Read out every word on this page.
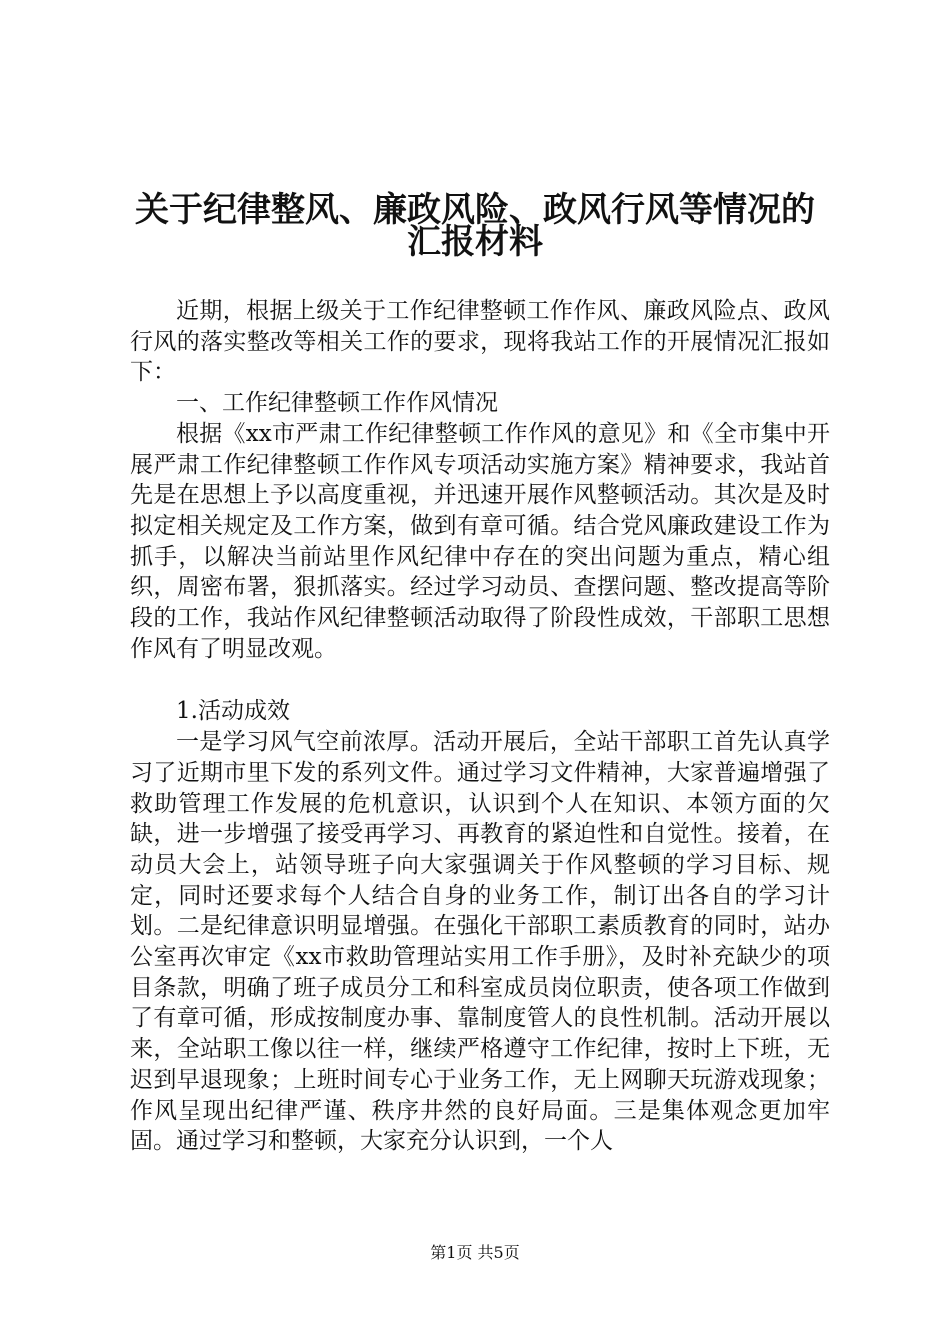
关于纪律整风、廉政风险、政风行风等情况的
汇报材料

近期，根据上级关于工作纪律整顿工作作风、廉政风险点、政风行风的落实整改等相关工作的要求，现将我站工作的开展情况汇报如下：

一、工作纪律整顿工作作风情况

根据《xx市严肃工作纪律整顿工作作风的意见》和《全市集中开展严肃工作纪律整顿工作作风专项活动实施方案》精神要求，我站首先是在思想上予以高度重视，并迅速开展作风整顿活动。其次是及时拟定相关规定及工作方案，做到有章可循。结合党风廉政建设工作为抓手，以解决当前站里作风纪律中存在的突出问题为重点，精心组织，周密布署，狠抓落实。经过学习动员、查摆问题、整改提高等阶段的工作，我站作风纪律整顿活动取得了阶段性成效，干部职工思想作风有了明显改观。

1.活动成效

一是学习风气空前浓厚。活动开展后，全站干部职工首先认真学习了近期市里下发的系列文件。通过学习文件精神，大家普遍增强了救助管理工作发展的危机意识，认识到个人在知识、本领方面的欠缺，进一步增强了接受再学习、再教育的紧迫性和自觉性。接着，在动员大会上，站领导班子向大家强调关于作风整顿的学习目标、规定，同时还要求每个人结合自身的业务工作，制订出各自的学习计划。二是纪律意识明显增强。在强化干部职工素质教育的同时，站办公室再次审定《xx市救助管理站实用工作手册》，及时补充缺少的项目条款，明确了班子成员分工和科室成员岗位职责，使各项工作做到了有章可循，形成按制度办事、靠制度管人的良性机制。活动开展以来，全站职工像以往一样，继续严格遵守工作纪律，按时上下班，无迟到早退现象；上班时间专心于业务工作，无上网聊天玩游戏现象；作风呈现出纪律严谨、秩序井然的良好局面。三是集体观念更加牢固。通过学习和整顿，大家充分认识到，一个人

第1页 共5页
